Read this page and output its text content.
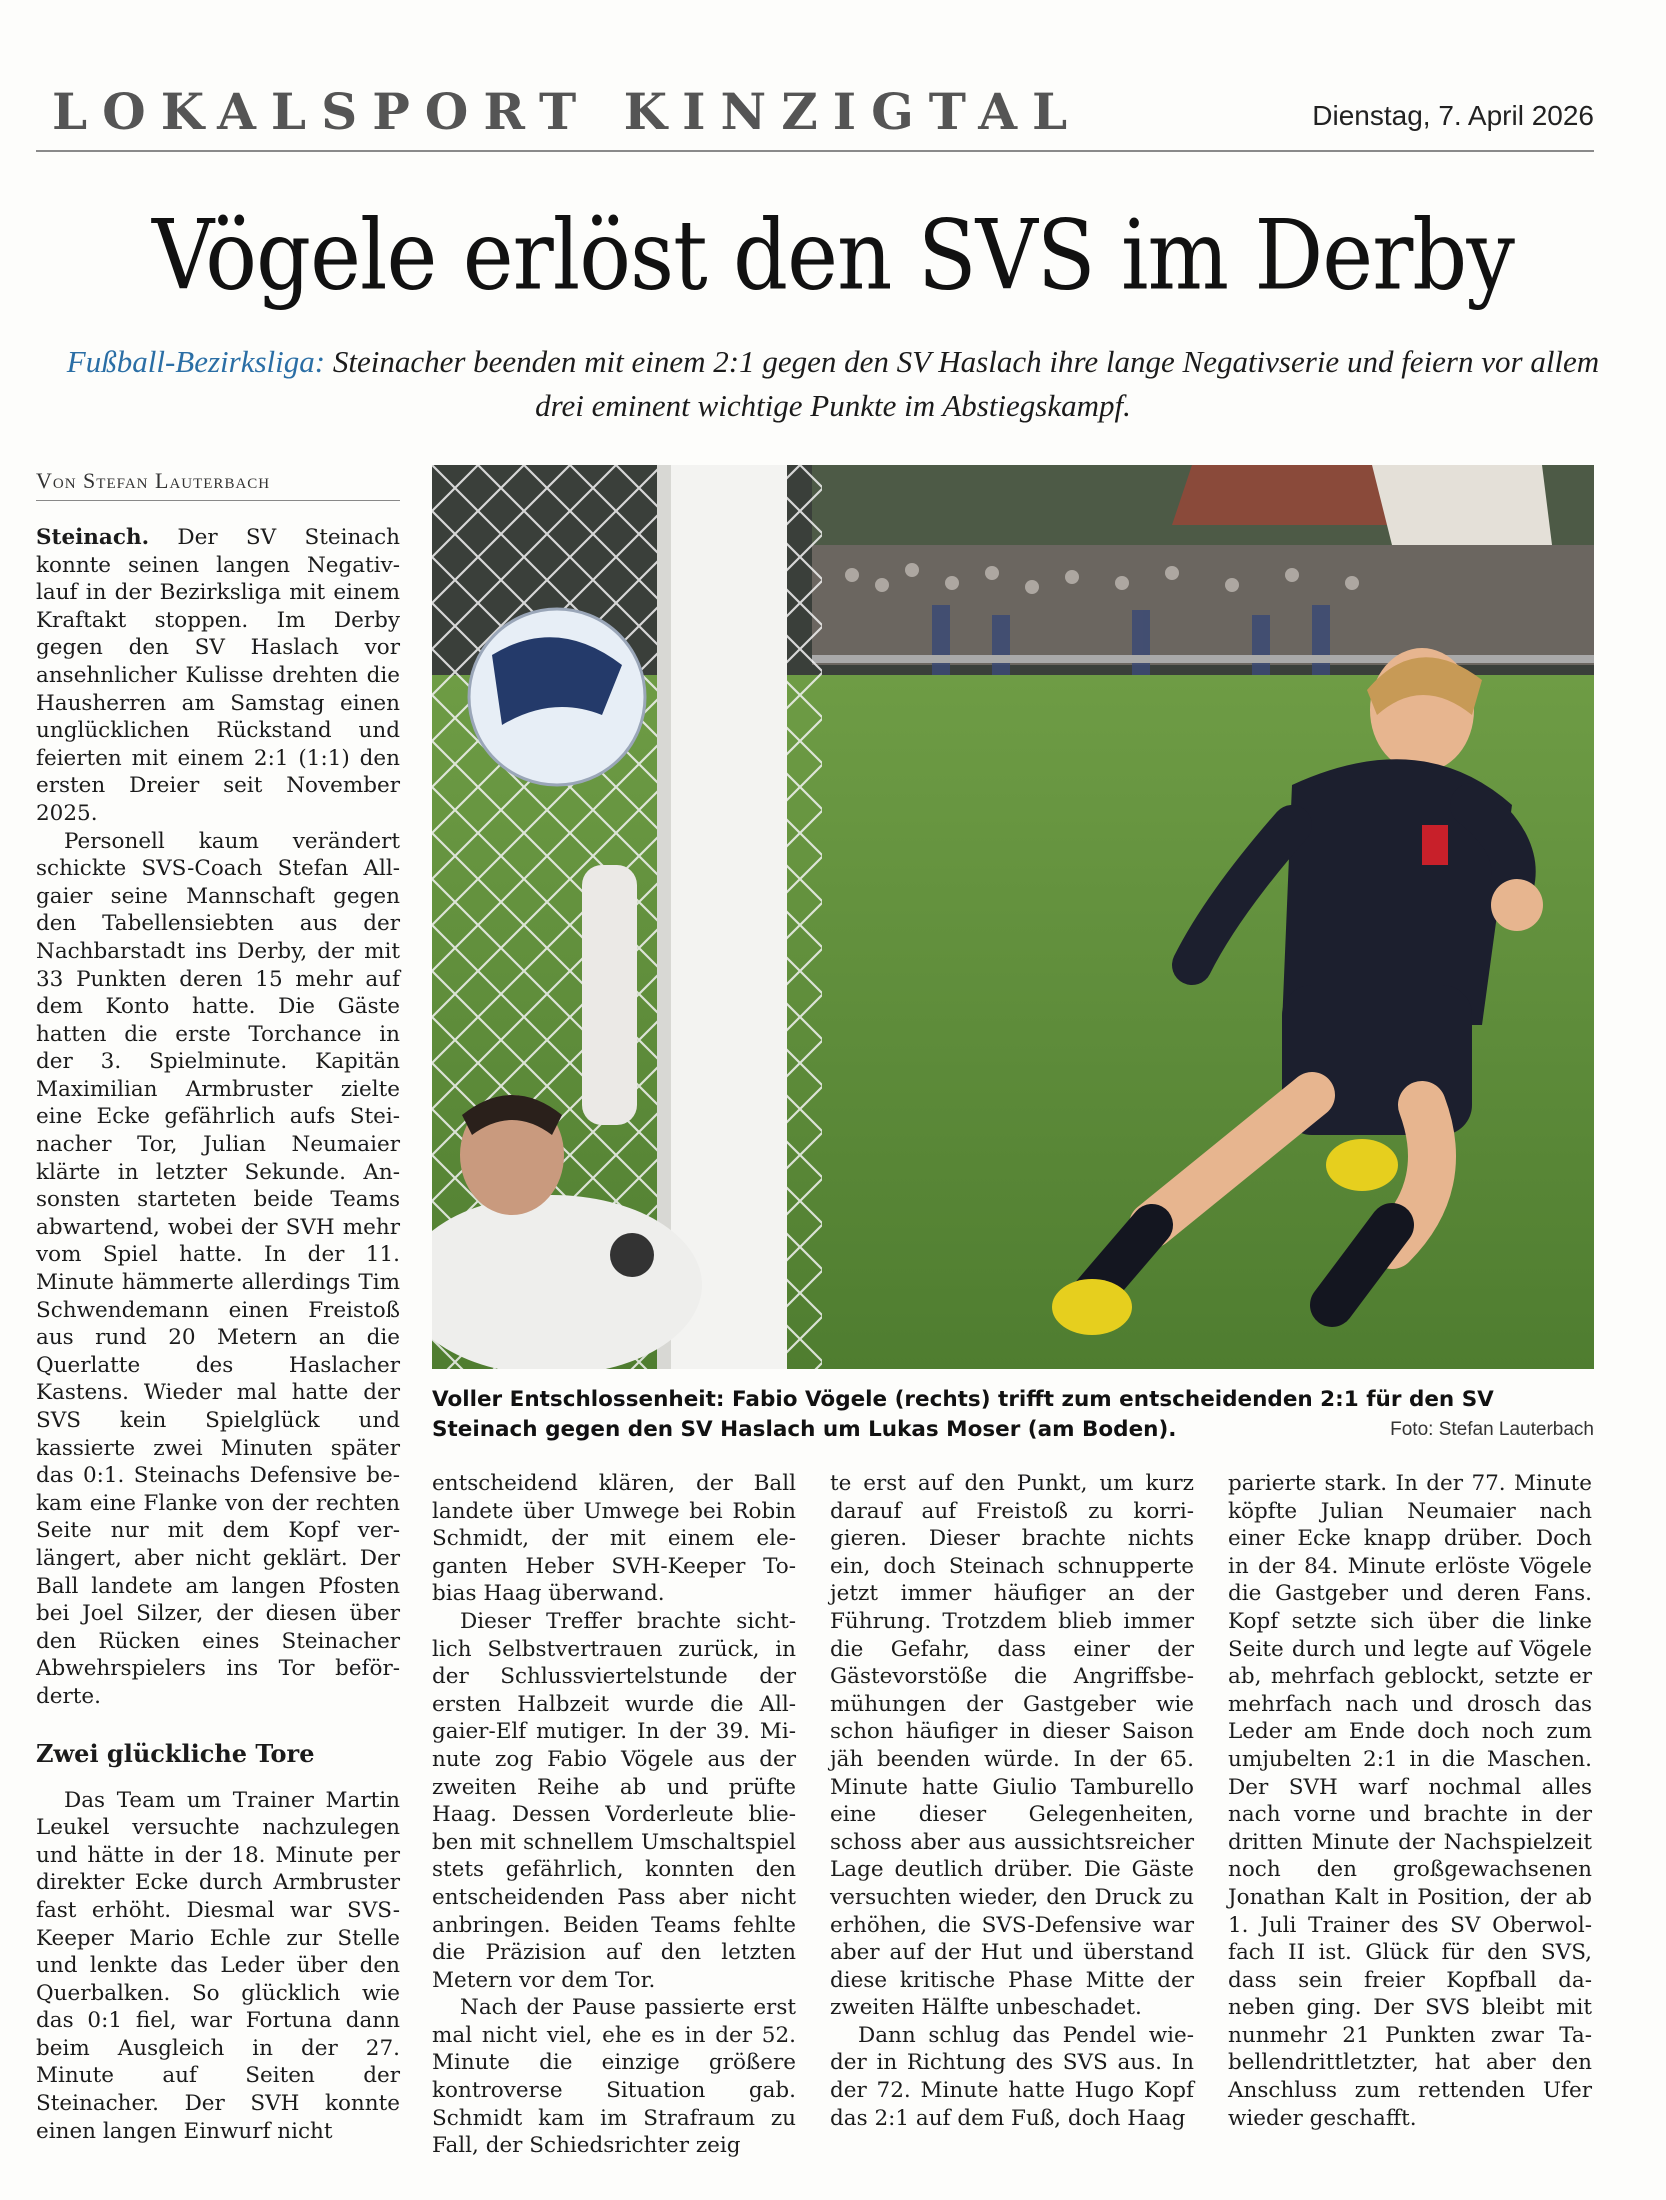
LOKALSPORT KINZIGTAL	Dienstag, 7. April 2026
Vögele erlöst den SVS im Derby

Fußball-Bezirksliga: Steinacher beenden mit einem 2:1 gegen den SV Haslach ihre lange Negativserie und feiern vor allem drei eminent wichtige Punkte im Abstiegskampf.

Von Stefan Lauterbach
Voller Entschlossenheit: Fabio Vögele (rechts) trifft zum entscheidenden 2:1 für den SV Steinach gegen den SV Haslach um Lukas Moser (am Boden).	Foto: Stefan Lauterbach

Steinach. Der SV Steinach konnte seinen langen Negativlauf in der Bezirksliga mit einem Kraftakt stoppen. Im Derby gegen den SV Haslach vor ansehnlicher Kulisse drehten die Hausherren am Samstag einen unglücklichen Rückstand und feierten mit einem 2:1 (1:1) den ersten Dreier seit November 2025.

Personell kaum verändert schickte SVS-Coach Stefan Allgaier seine Mannschaft gegen den Tabellensiebten aus der Nachbarstadt ins Derby, der mit 33 Punkten deren 15 mehr auf dem Konto hatte. Die Gäste hatten die erste Torchance in der 3. Spielminute. Kapitän Maximilian Armbruster zielte eine Ecke gefährlich aufs Steinacher Tor, Julian Neumaier klärte in letzter Sekunde. Ansonsten starteten beide Teams abwartend, wobei der SVH mehr vom Spiel hatte. In der 11. Minute hämmerte allerdings Tim Schwendemann einen Freistoß aus rund 20 Metern an die Querlatte des Haslacher Kastens. Wieder mal hatte der SVS kein Spielglück und kassierte zwei Minuten später das 0:1. Steinachs Defensive bekam eine Flanke von der rechten Seite nur mit dem Kopf verlängert, aber nicht geklärt. Der Ball landete am langen Pfosten bei Joel Silzer, der diesen über den Rücken eines Steinacher Abwehrspielers ins Tor beförderte.

Zwei glückliche Tore

Das Team um Trainer Martin Leukel versuchte nachzulegen und hätte in der 18. Minute per direkter Ecke durch Armbruster fast erhöht. Diesmal war SVS-Keeper Mario Echle zur Stelle und lenkte das Leder über den Querbalken. So glücklich wie das 0:1 fiel, war Fortuna dann beim Ausgleich in der 27. Minute auf Seiten der Steinacher. Der SVH konnte einen langen Einwurf nicht

entscheidend klären, der Ball landete über Umwege bei Robin Schmidt, der mit einem eleganten Heber SVH-Keeper Tobias Haag überwand.

Dieser Treffer brachte sichtlich Selbstvertrauen zurück, in der Schlussviertelstunde der ersten Halbzeit wurde die Allgaier-Elf mutiger. In der 39. Minute zog Fabio Vögele aus der zweiten Reihe ab und prüfte Haag. Dessen Vorderleute blieben mit schnellem Umschaltspiel stets gefährlich, konnten den entscheidenden Pass aber nicht anbringen. Beiden Teams fehlte die Präzision auf den letzten Metern vor dem Tor.

Nach der Pause passierte erst mal nicht viel, ehe es in der 52. Minute die einzige größere kontroverse Situation gab. Schmidt kam im Strafraum zu Fall, der Schiedsrichter zeig

te erst auf den Punkt, um kurz darauf auf Freistoß zu korrigieren. Dieser brachte nichts ein, doch Steinach schnupperte jetzt immer häufiger an der Führung. Trotzdem blieb immer die Gefahr, dass einer der Gästevorstöße die Angriffsbemühungen der Gastgeber wie schon häufiger in dieser Saison jäh beenden würde. In der 65. Minute hatte Giulio Tamburello eine dieser Gelegenheiten, schoss aber aus aussichtsreicher Lage deutlich drüber. Die Gäste versuchten wieder, den Druck zu erhöhen, die SVS-Defensive war aber auf der Hut und überstand diese kritische Phase Mitte der zweiten Hälfte unbeschadet.

Dann schlug das Pendel wieder in Richtung des SVS aus. In der 72. Minute hatte Hugo Kopf das 2:1 auf dem Fuß, doch Haag

parierte stark. In der 77. Minute köpfte Julian Neumaier nach einer Ecke knapp drüber. Doch in der 84. Minute erlöste Vögele die Gastgeber und deren Fans. Kopf setzte sich über die linke Seite durch und legte auf Vögele ab, mehrfach geblockt, setzte er mehrfach nach und drosch das Leder am Ende doch noch zum umjubelten 2:1 in die Maschen. Der SVH warf nochmal alles nach vorne und brachte in der dritten Minute der Nachspielzeit noch den großgewachsenen Jonathan Kalt in Position, der ab 1. Juli Trainer des SV Oberwolfach II ist. Glück für den SVS, dass sein freier Kopfball daneben ging. Der SVS bleibt mit nunmehr 21 Punkten zwar Tabellendrittletzter, hat aber den Anschluss zum rettenden Ufer wieder geschafft.
